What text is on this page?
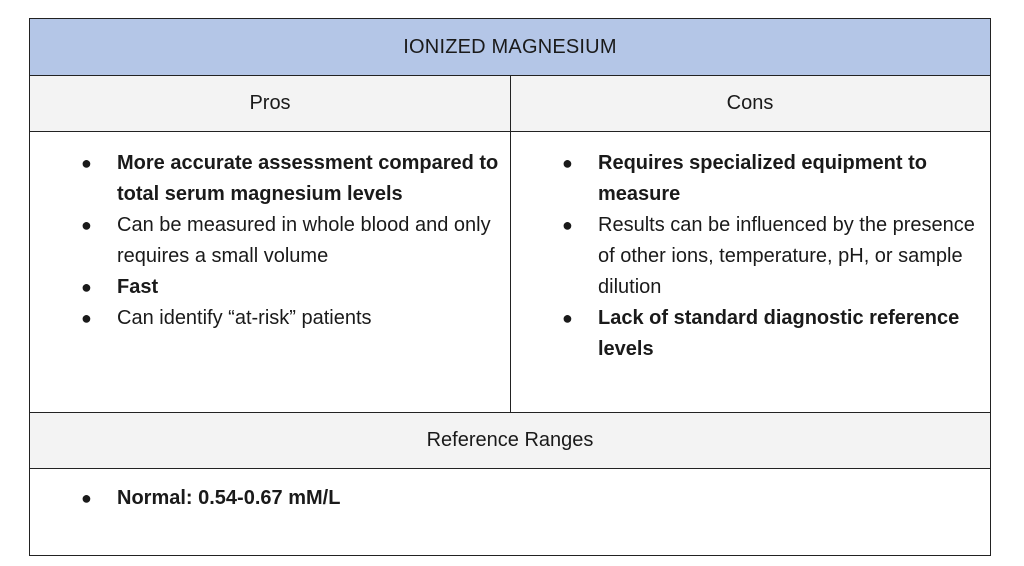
IONIZED MAGNESIUM
Pros	Cons
● More accurate assessment compared to total serum magnesium levels
● Can be measured in whole blood and only requires a small volume
● Fast
● Can identify “at-risk” patients
● Requires specialized equipment to measure
● Results can be influenced by the presence of other ions, temperature, pH, or sample dilution
● Lack of standard diagnostic reference levels
Reference Ranges
● Normal: 0.54-0.67 mM/L
